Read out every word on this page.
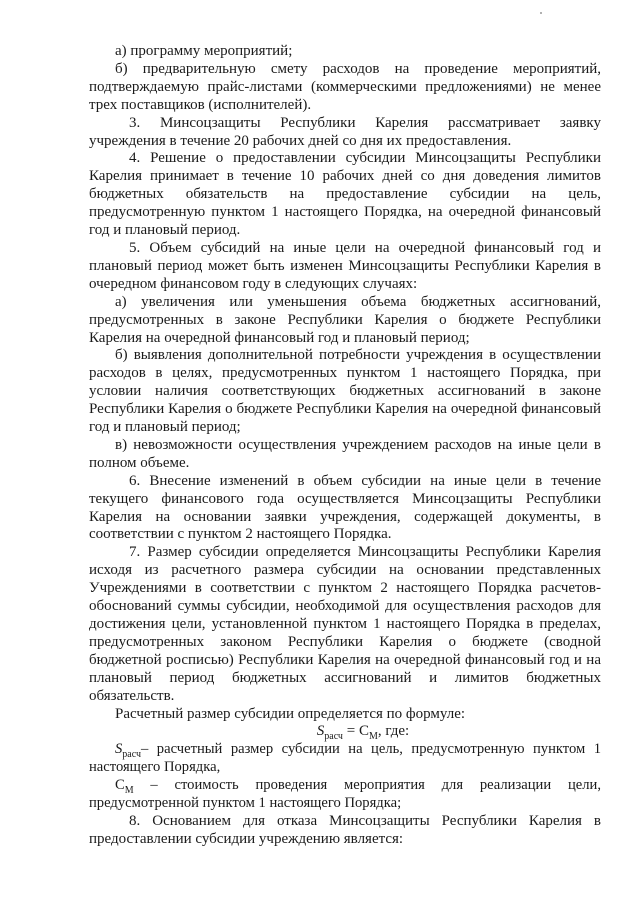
а) программу мероприятий;

б) предварительную смету расходов на проведение мероприятий, подтверждаемую прайс-листами (коммерческими предложениями) не менее трех поставщиков (исполнителей).

3. Минсоцзащиты Республики Карелия рассматривает заявку учреждения в течение 20 рабочих дней со дня их предоставления.

4. Решение о предоставлении субсидии Минсоцзащиты Республики Карелия принимает в течение 10 рабочих дней со дня доведения лимитов бюджетных обязательств на предоставление субсидии на цель, предусмотренную пунктом 1 настоящего Порядка, на очередной финансовый год и плановый период.

5. Объем субсидий на иные цели на очередной финансовый год и плановый период может быть изменен Минсоцзащиты Республики Карелия в очередном финансовом году в следующих случаях:

а) увеличения или уменьшения объема бюджетных ассигнований, предусмотренных в законе Республики Карелия о бюджете Республики Карелия на очередной финансовый год и плановый период;

б) выявления дополнительной потребности учреждения в осуществлении расходов в целях, предусмотренных пунктом 1 настоящего Порядка, при условии наличия соответствующих бюджетных ассигнований в законе Республики Карелия о бюджете Республики Карелия на очередной финансовый год и плановый период;

в) невозможности осуществления учреждением расходов на иные цели в полном объеме.

6. Внесение изменений в объем субсидии на иные цели в течение текущего финансового года осуществляется Минсоцзащиты Республики Карелия на основании заявки учреждения, содержащей документы, в соответствии с пунктом 2 настоящего Порядка.

7. Размер субсидии определяется Минсоцзащиты Республики Карелия исходя из расчетного размера субсидии на основании представленных Учреждениями в соответствии с пунктом 2 настоящего Порядка расчетов-обоснований суммы субсидии, необходимой для осуществления расходов для достижения цели, установленной пунктом 1 настоящего Порядка в пределах, предусмотренных законом Республики Карелия о бюджете (сводной бюджетной росписью) Республики Карелия на очередной финансовый год и на плановый период бюджетных ассигнований и лимитов бюджетных обязательств.

Расчетный размер субсидии определяется по формуле:

$S_{расч} = С_М$, где:

$S_{расч}-$ расчетный размер субсидии на цель, предусмотренную пунктом 1 настоящего Порядка,

$С_М$ – стоимость проведения мероприятия для реализации цели, предусмотренной пунктом 1 настоящего Порядка;

8. Основанием для отказа Минсоцзащиты Республики Карелия в предоставлении субсидии учреждению является:
